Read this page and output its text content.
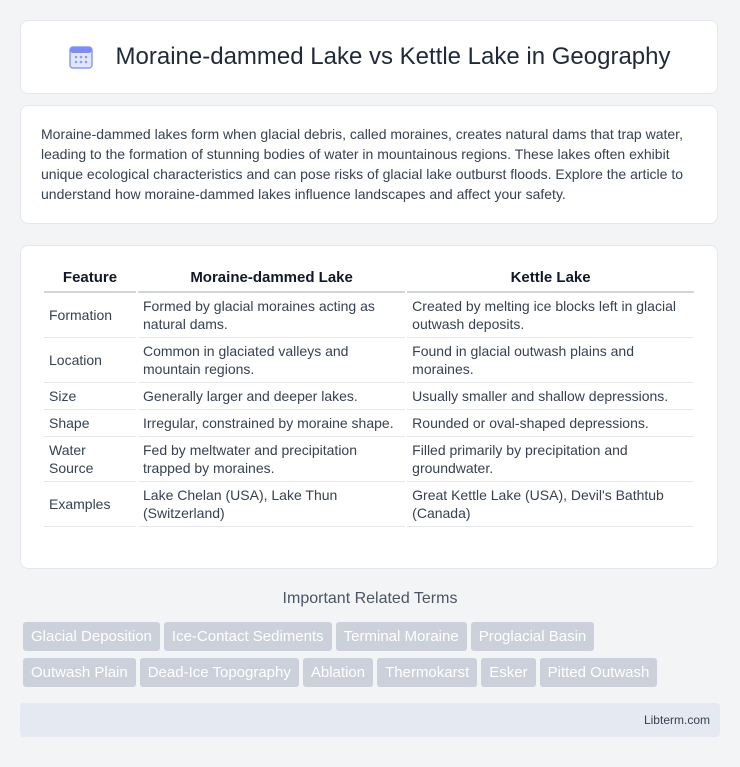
Moraine-dammed Lake vs Kettle Lake in Geography

Moraine-dammed lakes form when glacial debris, called moraines, creates natural dams that trap water, leading to the formation of stunning bodies of water in mountainous regions. These lakes often exhibit unique ecological characteristics and can pose risks of glacial lake outburst floods. Explore the article to understand how moraine-dammed lakes influence landscapes and affect your safety.

Feature	Moraine-dammed Lake	Kettle Lake
Formation	Formed by glacial moraines acting as natural dams.	Created by melting ice blocks left in glacial outwash deposits.
Location	Common in glaciated valleys and mountain regions.	Found in glacial outwash plains and moraines.
Size	Generally larger and deeper lakes.	Usually smaller and shallow depressions.
Shape	Irregular, constrained by moraine shape.	Rounded or oval-shaped depressions.
Water Source	Fed by meltwater and precipitation trapped by moraines.	Filled primarily by precipitation and groundwater.
Examples	Lake Chelan (USA), Lake Thun (Switzerland)	Great Kettle Lake (USA), Devil's Bathtub (Canada)
Important Related Terms
Glacial Deposition Ice-Contact Sediments Terminal Moraine Proglacial Basin
Outwash Plain Dead-Ice Topography Ablation Thermokarst Esker Pitted Outwash
Libterm.com
